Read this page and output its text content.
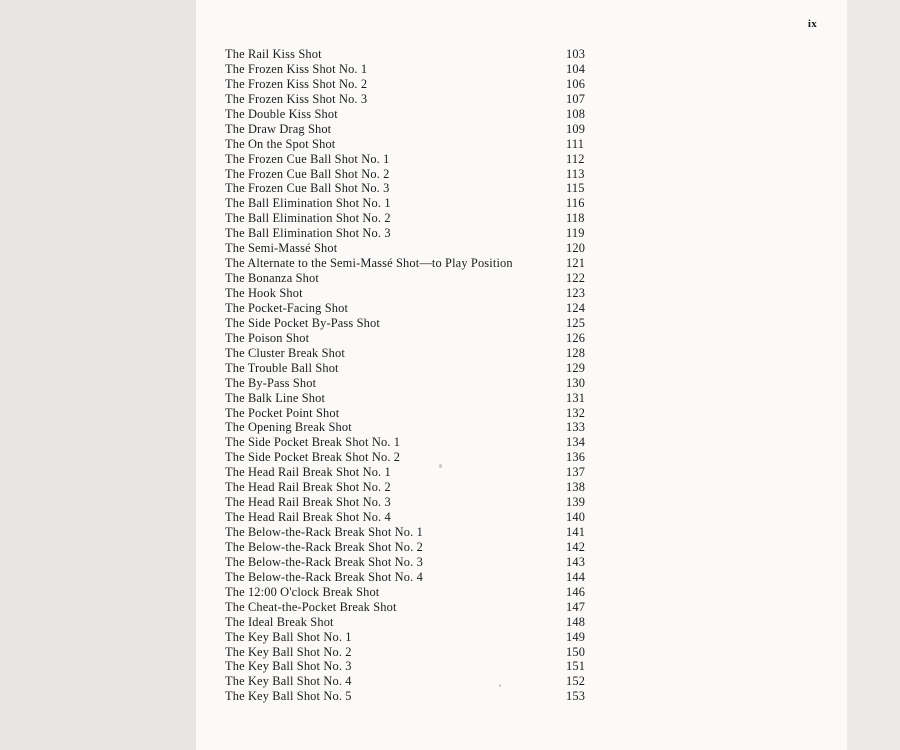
ix
The Rail Kiss Shot	103
The Frozen Kiss Shot No. 1	104
The Frozen Kiss Shot No. 2	106
The Frozen Kiss Shot No. 3	107
The Double Kiss Shot	108
The Draw Drag Shot	109
The On the Spot Shot	111
The Frozen Cue Ball Shot No. 1	112
The Frozen Cue Ball Shot No. 2	113
The Frozen Cue Ball Shot No. 3	115
The Ball Elimination Shot No. 1	116
The Ball Elimination Shot No. 2	118
The Ball Elimination Shot No. 3	119
The Semi-Massé Shot	120
The Alternate to the Semi-Massé Shot—to Play Position	121
The Bonanza Shot	122
The Hook Shot	123
The Pocket-Facing Shot	124
The Side Pocket By-Pass Shot	125
The Poison Shot	126
The Cluster Break Shot	128
The Trouble Ball Shot	129
The By-Pass Shot	130
The Balk Line Shot	131
The Pocket Point Shot	132
The Opening Break Shot	133
The Side Pocket Break Shot No. 1	134
The Side Pocket Break Shot No. 2	136
The Head Rail Break Shot No. 1	137
The Head Rail Break Shot No. 2	138
The Head Rail Break Shot No. 3	139
The Head Rail Break Shot No. 4	140
The Below-the-Rack Break Shot No. 1	141
The Below-the-Rack Break Shot No. 2	142
The Below-the-Rack Break Shot No. 3	143
The Below-the-Rack Break Shot No. 4	144
The 12:00 O'clock Break Shot	146
The Cheat-the-Pocket Break Shot	147
The Ideal Break Shot	148
The Key Ball Shot No. 1	149
The Key Ball Shot No. 2	150
The Key Ball Shot No. 3	151
The Key Ball Shot No. 4	152
The Key Ball Shot No. 5	153
